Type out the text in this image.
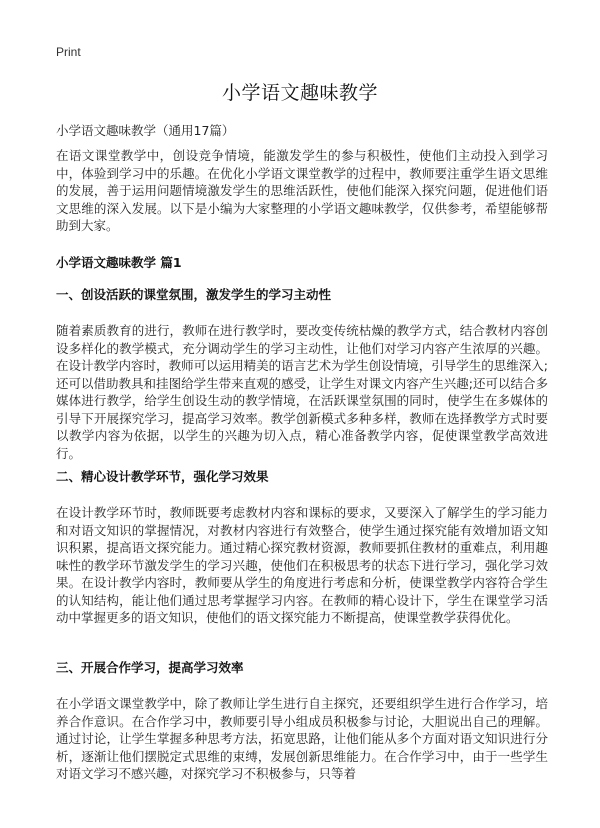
Print
小学语文趣味教学
小学语文趣味教学（通用17篇）

在语文课堂教学中，创设竞争情境，能激发学生的参与积极性，使他们主动投入到学习中，体验到学习中的乐趣。在优化小学语文课堂教学的过程中，教师要注重学生语文思维的发展，善于运用问题情境激发学生的思维活跃性，使他们能深入探究问题，促进他们语文思维的深入发展。以下是小编为大家整理的小学语文趣味教学，仅供参考，希望能够帮助到大家。

小学语文趣味教学 篇1
一、创设活跃的课堂氛围，激发学生的学习主动性

随着素质教育的进行，教师在进行教学时，要改变传统枯燥的教学方式，结合教材内容创设多样化的教学模式，充分调动学生的学习主动性，让他们对学习内容产生浓厚的兴趣。在设计教学内容时，教师可以运用精美的语言艺术为学生创设情境，引导学生的思维深入;还可以借助教具和挂图给学生带来直观的感受，让学生对课文内容产生兴趣;还可以结合多媒体进行教学，给学生创设生动的教学情境，在活跃课堂氛围的同时，使学生在多媒体的引导下开展探究学习，提高学习效率。教学创新模式多种多样，教师在选择教学方式时要以教学内容为依据，以学生的兴趣为切入点，精心准备教学内容，促使课堂教学高效进行。

二、精心设计教学环节，强化学习效果

在设计教学环节时，教师既要考虑教材内容和课标的要求，又要深入了解学生的学习能力和对语文知识的掌握情况，对教材内容进行有效整合，使学生通过探究能有效增加语文知识积累，提高语文探究能力。通过精心探究教材资源，教师要抓住教材的重难点，利用趣味性的教学环节激发学生的学习兴趣，使他们在积极思考的状态下进行学习，强化学习效果。在设计教学内容时，教师要从学生的角度进行考虑和分析，使课堂教学内容符合学生的认知结构，能让他们通过思考掌握学习内容。在教师的精心设计下，学生在课堂学习活动中掌握更多的语文知识，使他们的语文探究能力不断提高，使课堂教学获得优化。

三、开展合作学习，提高学习效率

在小学语文课堂教学中，除了教师让学生进行自主探究，还要组织学生进行合作学习，培养合作意识。在合作学习中，教师要引导小组成员积极参与讨论，大胆说出自己的理解。通过讨论，让学生掌握多种思考方法，拓宽思路，让他们能从多个方面对语文知识进行分析，逐渐让他们摆脱定式思维的束缚，发展创新思维能力。在合作学习中，由于一些学生对语文学习不感兴趣，对探究学习不积极参与，只等着
